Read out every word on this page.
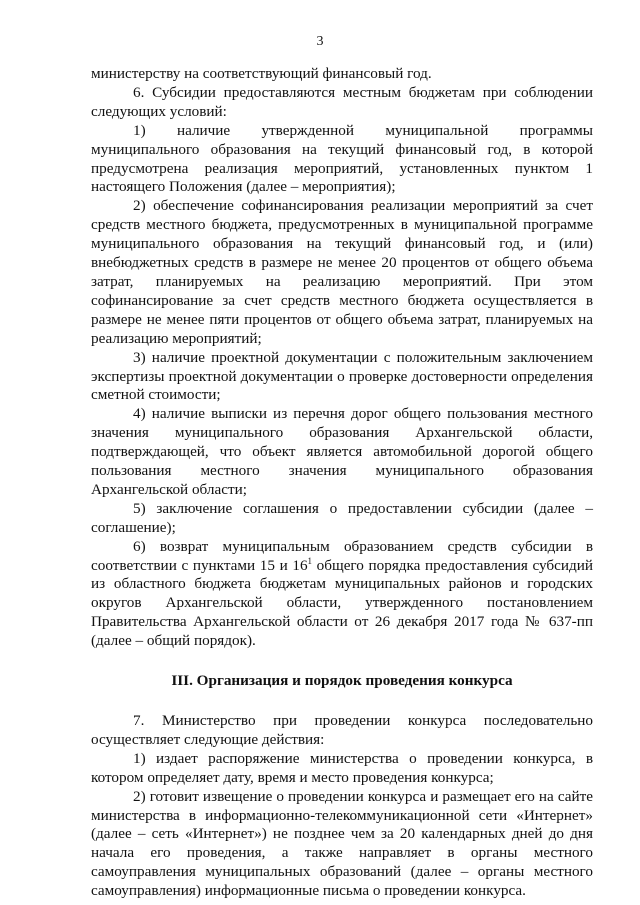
3

министерству на соответствующий финансовый год.

6. Субсидии предоставляются местным бюджетам при соблюдении следующих условий:

1) наличие утвержденной муниципальной программы муниципального образования на текущий финансовый год, в которой предусмотрена реализация мероприятий, установленных пунктом 1 настоящего Положения (далее – мероприятия);

2) обеспечение софинансирования реализации мероприятий за счет средств местного бюджета, предусмотренных в муниципальной программе муниципального образования на текущий финансовый год, и (или) внебюджетных средств в размере не менее 20 процентов от общего объема затрат, планируемых на реализацию мероприятий. При этом софинансирование за счет средств местного бюджета осуществляется в размере не менее пяти процентов от общего объема затрат, планируемых на реализацию мероприятий;

3) наличие проектной документации с положительным заключением экспертизы проектной документации о проверке достоверности определения сметной стоимости;

4) наличие выписки из перечня дорог общего пользования местного значения муниципального образования Архангельской области, подтверждающей, что объект является автомобильной дорогой общего пользования местного значения муниципального образования Архангельской области;

5) заключение соглашения о предоставлении субсидии (далее – соглашение);

6) возврат муниципальным образованием средств субсидии в соответствии с пунктами 15 и $16^1$ общего порядка предоставления субсидий из областного бюджета бюджетам муниципальных районов и городских округов Архангельской области, утвержденного постановлением Правительства Архангельской области от 26 декабря 2017 года № 637-пп (далее – общий порядок).

III. Организация и порядок проведения конкурса

7. Министерство при проведении конкурса последовательно осуществляет следующие действия:

1) издает распоряжение министерства о проведении конкурса, в котором определяет дату, время и место проведения конкурса;

2) готовит извещение о проведении конкурса и размещает его на сайте министерства в информационно-телекоммуникационной сети «Интернет» (далее – сеть «Интернет») не позднее чем за 20 календарных дней до дня начала его проведения, а также направляет в органы местного самоуправления муниципальных образований (далее – органы местного самоуправления) информационные письма о проведении конкурса.
